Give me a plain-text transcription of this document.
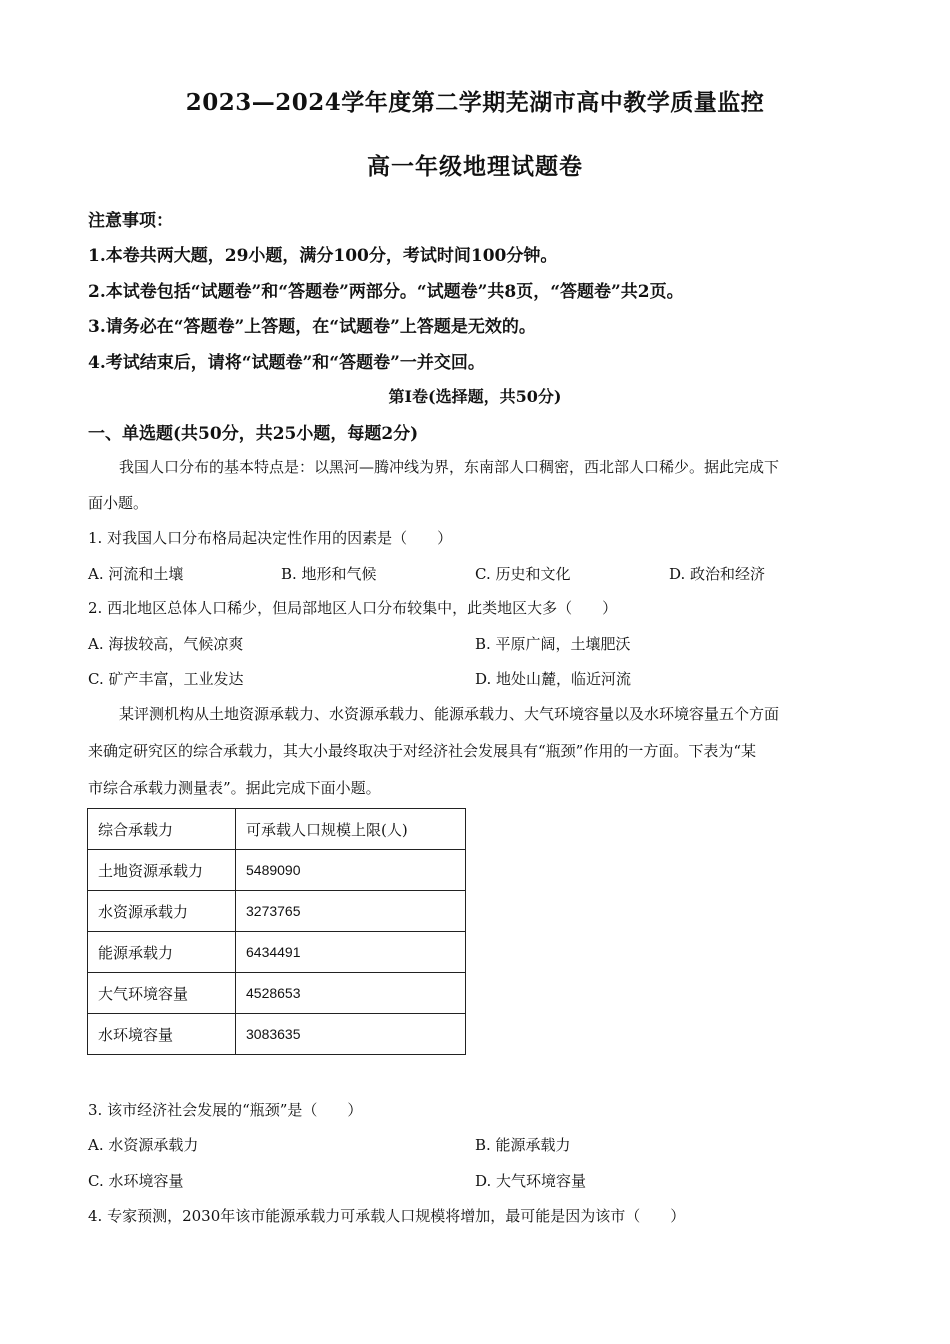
2023—2024学年度第二学期芜湖市高中教学质量监控
高一年级地理试题卷
注意事项：
1.本卷共两大题，29小题，满分100分，考试时间100分钟。
2.本试卷包括“试题卷”和“答题卷”两部分。“试题卷”共8页，“答题卷”共2页。
3.请务必在“答题卷”上答题，在“试题卷”上答题是无效的。
4.考试结束后，请将“试题卷”和“答题卷”一并交回。
第I卷(选择题，共50分)
一、单选题(共50分，共25小题，每题2分)
我国人口分布的基本特点是：以黑河—腾冲线为界，东南部人口稠密，西北部人口稀少。据此完成下
面小题。
1. 对我国人口分布格局起决定性作用的因素是（　　）
A. 河流和土壤	B. 地形和气候	C. 历史和文化	D. 政治和经济
2. 西北地区总体人口稀少，但局部地区人口分布较集中，此类地区大多（　　）
A. 海拔较高，气候凉爽	B. 平原广阔，土壤肥沃
C. 矿产丰富，工业发达	D. 地处山麓，临近河流
某评测机构从土地资源承载力、水资源承载力、能源承载力、大气环境容量以及水环境容量五个方面
来确定研究区的综合承载力，其大小最终取决于对经济社会发展具有“瓶颈”作用的一方面。下表为“某
市综合承载力测量表”。据此完成下面小题。
综合承载力	可承载人口规模上限(人)
土地资源承载力	5489090
水资源承载力	3273765
能源承载力	6434491
大气环境容量	4528653
水环境容量	3083635
3. 该市经济社会发展的“瓶颈”是（　　）
A. 水资源承载力	B. 能源承载力
C. 水环境容量	D. 大气环境容量
4. 专家预测，2030年该市能源承载力可承载人口规模将增加，最可能是因为该市（　　）
